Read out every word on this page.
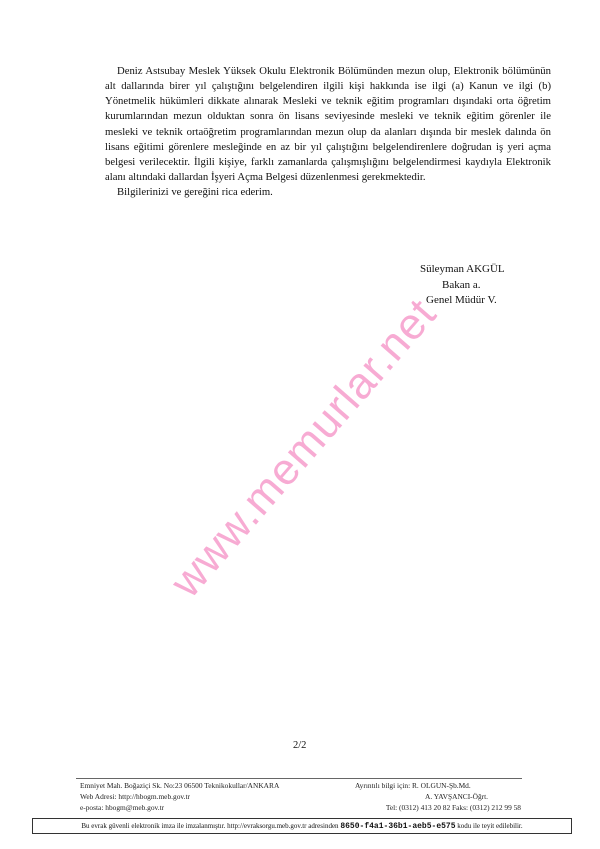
Deniz Astsubay Meslek Yüksek Okulu Elektronik Bölümünden mezun olup, Elektronik bölümünün alt dallarında birer yıl çalıştığını belgelendiren ilgili kişi hakkında ise ilgi (a) Kanun ve ilgi (b) Yönetmelik hükümleri dikkate alınarak Mesleki ve teknik eğitim programları dışındaki orta öğretim kurumlarından mezun olduktan sonra ön lisans seviyesinde mesleki ve teknik eğitim görenler ile mesleki ve teknik ortaöğretim programlarından mezun olup da alanları dışında bir meslek dalında ön lisans eğitimi görenlere mesleğinde en az bir yıl çalıştığını belgelendirenlere doğrudan iş yeri açma belgesi verilecektir. İlgili kişiye, farklı zamanlarda çalışmışlığını belgelendirmesi kaydıyla Elektronik alanı altındaki dallardan İşyeri Açma Belgesi düzenlenmesi gerekmektedir.

Bilgilerinizi ve gereğini rica ederim.

Süleyman AKGÜL
Bakan a.
Genel Müdür V.
www.memurlar.net
2/2
Emniyet Mah. Boğaziçi Sk. No:23 06500 Teknikokullar/ANKARA
Web Adresi: http://hbogm.meb.gov.tr
e-posta: hbogm@meb.gov.tr
Ayrıntılı bilgi için: R. OLGUN-Şb.Md.
A. YAVŞANCI-Öğrt.
Tel: (0312) 413 20 82 Faks: (0312) 212 99 58
Bu evrak güvenli elektronik imza ile imzalanmıştır. http://evraksorgu.meb.gov.tr adresinden 8650-f4a1-36b1-aeb5-e575 kodu ile teyit edilebilir.
